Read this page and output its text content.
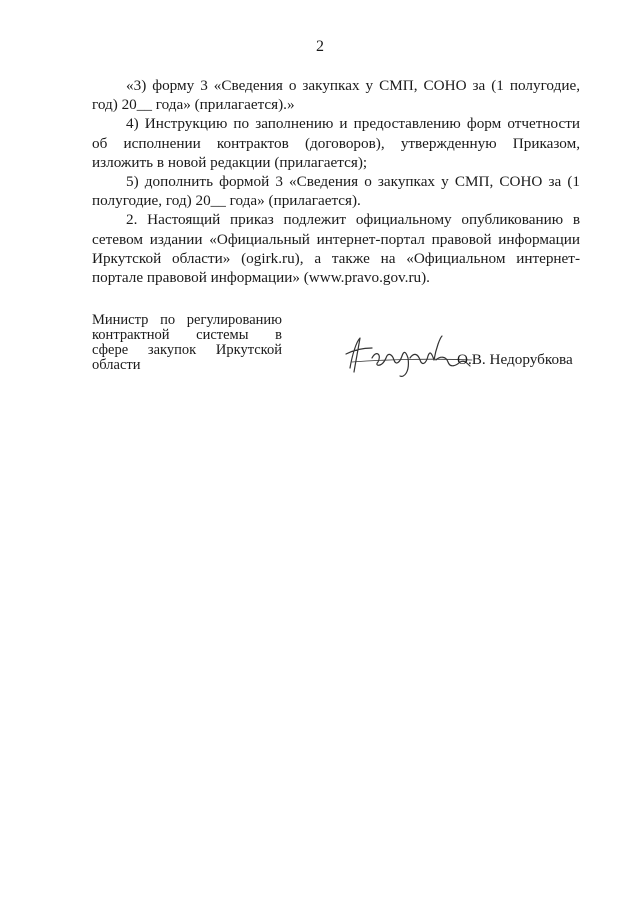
2

«3) форму 3 «Сведения о закупках у СМП, СОНО за (1 полугодие, год) 20__ года» (прилагается).»

4) Инструкцию по заполнению и предоставлению форм отчетности об исполнении контрактов (договоров), утвержденную Приказом, изложить в новой редакции (прилагается);

5) дополнить формой 3 «Сведения о закупках у СМП, СОНО за (1 полугодие, год) 20__ года» (прилагается).

2. Настоящий приказ подлежит официальному опубликованию в сетевом издании «Официальный интернет-портал правовой информации Иркутской области» (ogirk.ru), а также на «Официальном интернет-портале правовой информации» (www.pravo.gov.ru).

Министр по регулированию
контрактной системы в
сфере закупок Иркутской
области	О.В. Недорубкова
